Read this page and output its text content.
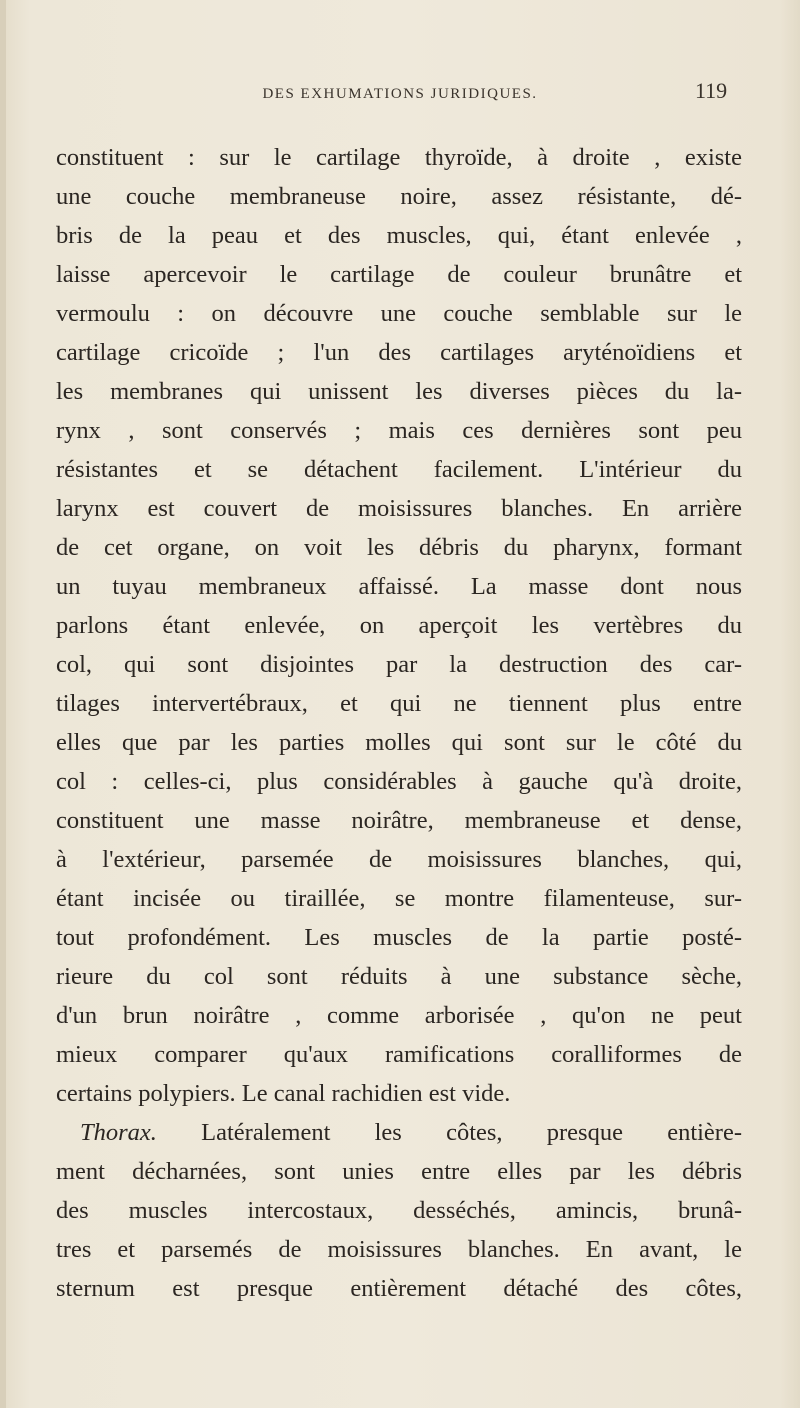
DES EXHUMATIONS JURIDIQUES.	119
constituent : sur le cartilage thyroïde, à droite , existe
une couche membraneuse noire, assez résistante, dé-
bris de la peau et des muscles, qui, étant enlevée ,
laisse apercevoir le cartilage de couleur brunâtre et
vermoulu : on découvre une couche semblable sur le
cartilage cricoïde ; l'un des cartilages aryténoïdiens et
les membranes qui unissent les diverses pièces du la-
rynx , sont conservés ; mais ces dernières sont peu
résistantes et se détachent facilement. L'intérieur du
larynx est couvert de moisissures blanches. En arrière
de cet organe, on voit les débris du pharynx, formant
un tuyau membraneux affaissé. La masse dont nous
parlons étant enlevée, on aperçoit les vertèbres du
col, qui sont disjointes par la destruction des car-
tilages intervertébraux, et qui ne tiennent plus entre
elles que par les parties molles qui sont sur le côté du
col : celles-ci, plus considérables à gauche qu'à droite,
constituent une masse noirâtre, membraneuse et dense,
à l'extérieur, parsemée de moisissures blanches, qui,
étant incisée ou tiraillée, se montre filamenteuse, sur-
tout profondément. Les muscles de la partie posté-
rieure du col sont réduits à une substance sèche,
d'un brun noirâtre , comme arborisée , qu'on ne peut
mieux comparer qu'aux ramifications coralliformes de
certains polypiers. Le canal rachidien est vide.
Thorax. Latéralement les côtes, presque entière-
ment décharnées, sont unies entre elles par les débris
des muscles intercostaux, desséchés, amincis, brunâ-
tres et parsemés de moisissures blanches. En avant, le
sternum est presque entièrement détaché des côtes,
